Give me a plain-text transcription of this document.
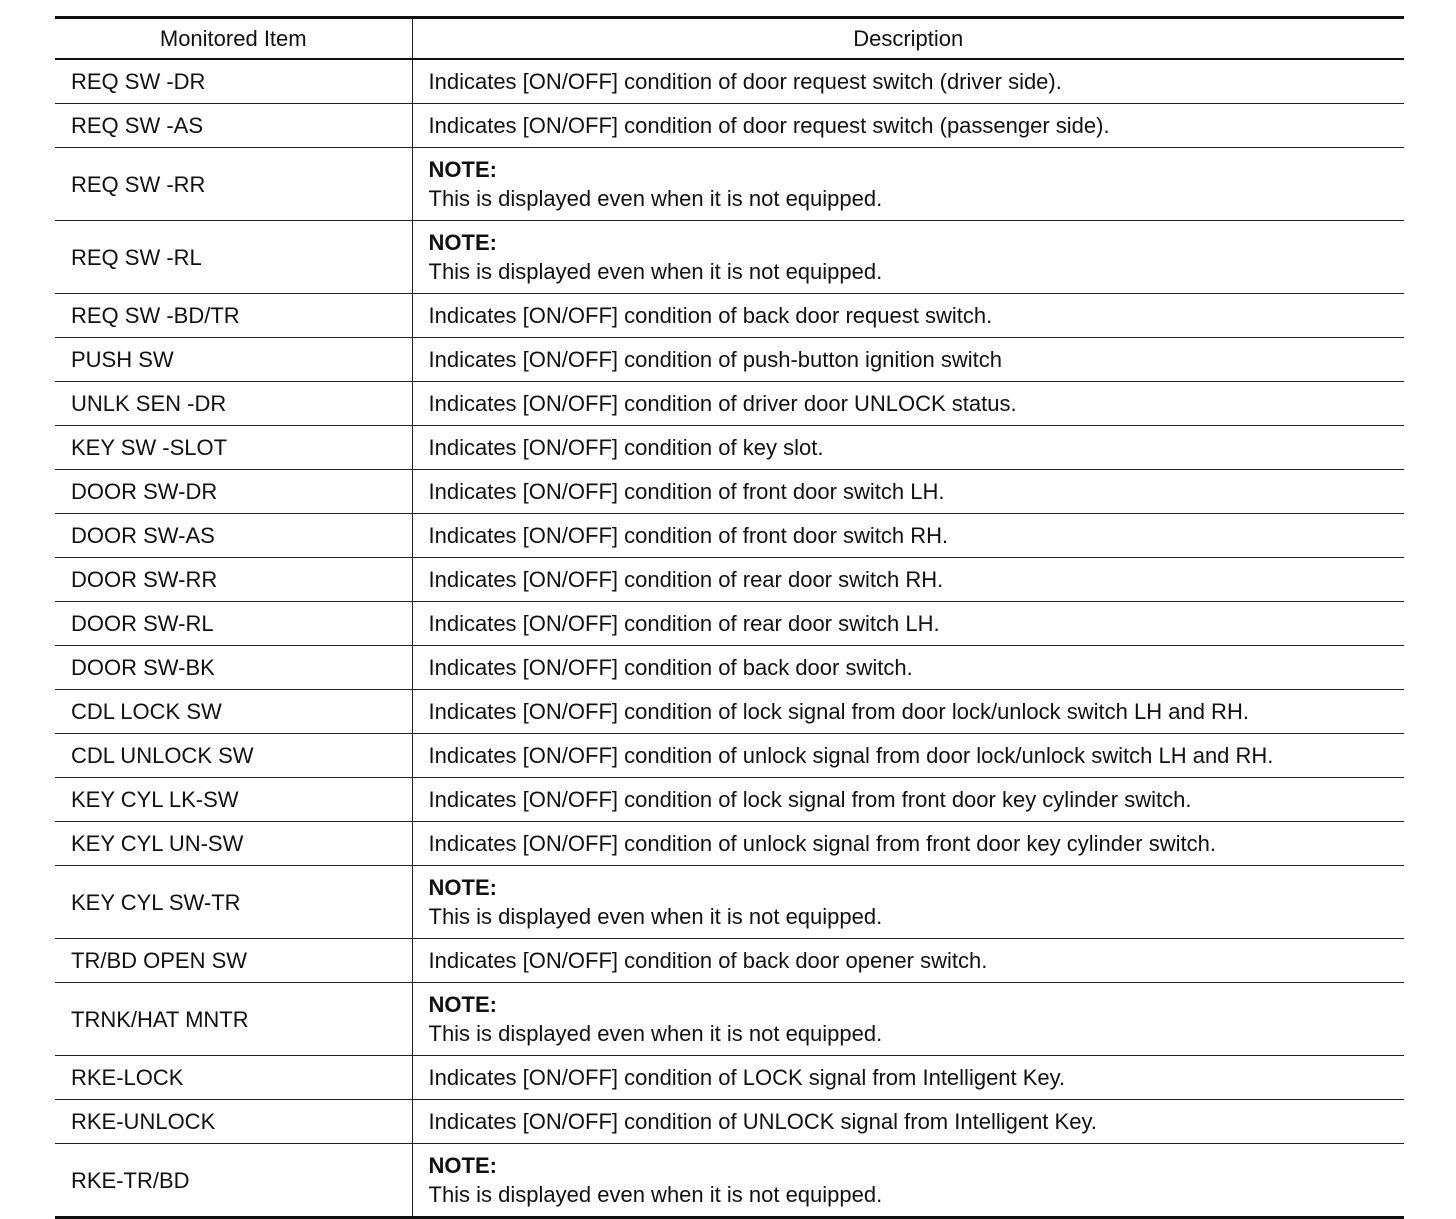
Monitored Item	Description
REQ SW -DR	Indicates [ON/OFF] condition of door request switch (driver side).
REQ SW -AS	Indicates [ON/OFF] condition of door request switch (passenger side).
REQ SW -RR	NOTE:
This is displayed even when it is not equipped.

REQ SW -RL	NOTE:
This is displayed even when it is not equipped.

REQ SW -BD/TR	Indicates [ON/OFF] condition of back door request switch.
PUSH SW	Indicates [ON/OFF] condition of push-button ignition switch
UNLK SEN -DR	Indicates [ON/OFF] condition of driver door UNLOCK status.
KEY SW -SLOT	Indicates [ON/OFF] condition of key slot.
DOOR SW-DR	Indicates [ON/OFF] condition of front door switch LH.
DOOR SW-AS	Indicates [ON/OFF] condition of front door switch RH.
DOOR SW-RR	Indicates [ON/OFF] condition of rear door switch RH.
DOOR SW-RL	Indicates [ON/OFF] condition of rear door switch LH.
DOOR SW-BK	Indicates [ON/OFF] condition of back door switch.
CDL LOCK SW	Indicates [ON/OFF] condition of lock signal from door lock/unlock switch LH and RH.
CDL UNLOCK SW	Indicates [ON/OFF] condition of unlock signal from door lock/unlock switch LH and RH.
KEY CYL LK-SW	Indicates [ON/OFF] condition of lock signal from front door key cylinder switch.
KEY CYL UN-SW	Indicates [ON/OFF] condition of unlock signal from front door key cylinder switch.
KEY CYL SW-TR	NOTE:
This is displayed even when it is not equipped.

TR/BD OPEN SW	Indicates [ON/OFF] condition of back door opener switch.
TRNK/HAT MNTR	NOTE:
This is displayed even when it is not equipped.

RKE-LOCK	Indicates [ON/OFF] condition of LOCK signal from Intelligent Key.
RKE-UNLOCK	Indicates [ON/OFF] condition of UNLOCK signal from Intelligent Key.
RKE-TR/BD	NOTE:
This is displayed even when it is not equipped.
